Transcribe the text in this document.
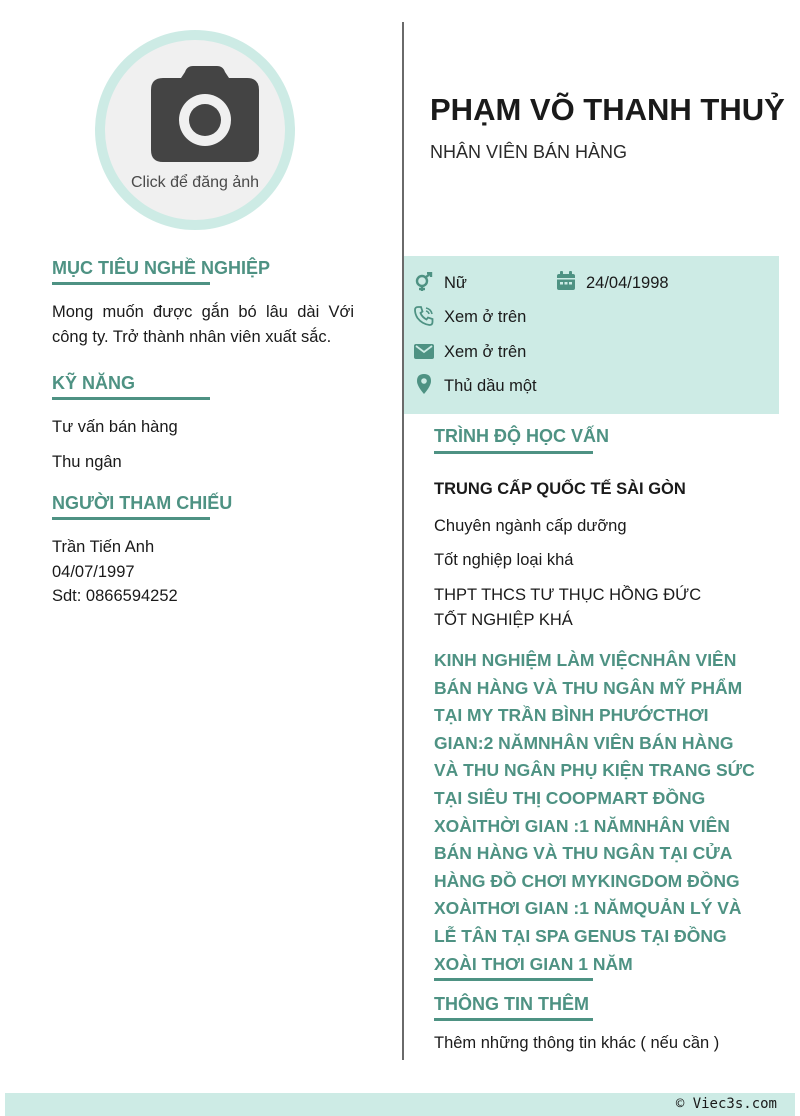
Click để đăng ảnh
MỤC TIÊU NGHỀ NGHIỆP
Mong muốn được gắn bó lâu dài Với công ty. Trở thành nhân viên xuất sắc.
KỸ NĂNG
Tư vấn bán hàng
Thu ngân
NGƯỜI THAM CHIẾU
Trần Tiến Anh
04/07/1997
Sdt: 0866594252
PHẠM VÕ THANH THUỶ
NHÂN VIÊN BÁN HÀNG
Nữ	24/04/1998
Xem ở trên
Xem ở trên
Thủ dầu một
TRÌNH ĐỘ HỌC VẤN
TRUNG CẤP QUỐC TẾ SÀI GÒN
Chuyên ngành cấp dưỡng
Tốt nghiệp loại khá
THPT THCS TƯ THỤC HỒNG ĐỨC
TỐT NGHIỆP KHÁ
KINH NGHIỆM LÀM VIỆCNHÂN VIÊN BÁN HÀNG VÀ THU NGÂN MỸ PHẨM TẠI MY TRẦN BÌNH PHƯỚCTHƠI GIAN:2 NĂMNHÂN VIÊN BÁN HÀNG VÀ THU NGÂN PHỤ KIỆN TRANG SỨC TẠI SIÊU THỊ COOPMART ĐỒNG XOÀITHỜI GIAN :1 NĂMNHÂN VIÊN BÁN HÀNG VÀ THU NGÂN TẠI CỬA HÀNG ĐỒ CHƠI MYKINGDOM ĐỒNG XOÀITHƠI GIAN :1 NĂMQUẢN LÝ VÀ LỄ TÂN TẠI SPA GENUS TẠI ĐỒNG XOÀI THƠI GIAN 1 NĂM
THÔNG TIN THÊM
Thêm những thông tin khác ( nếu cần )
© Viec3s.com
